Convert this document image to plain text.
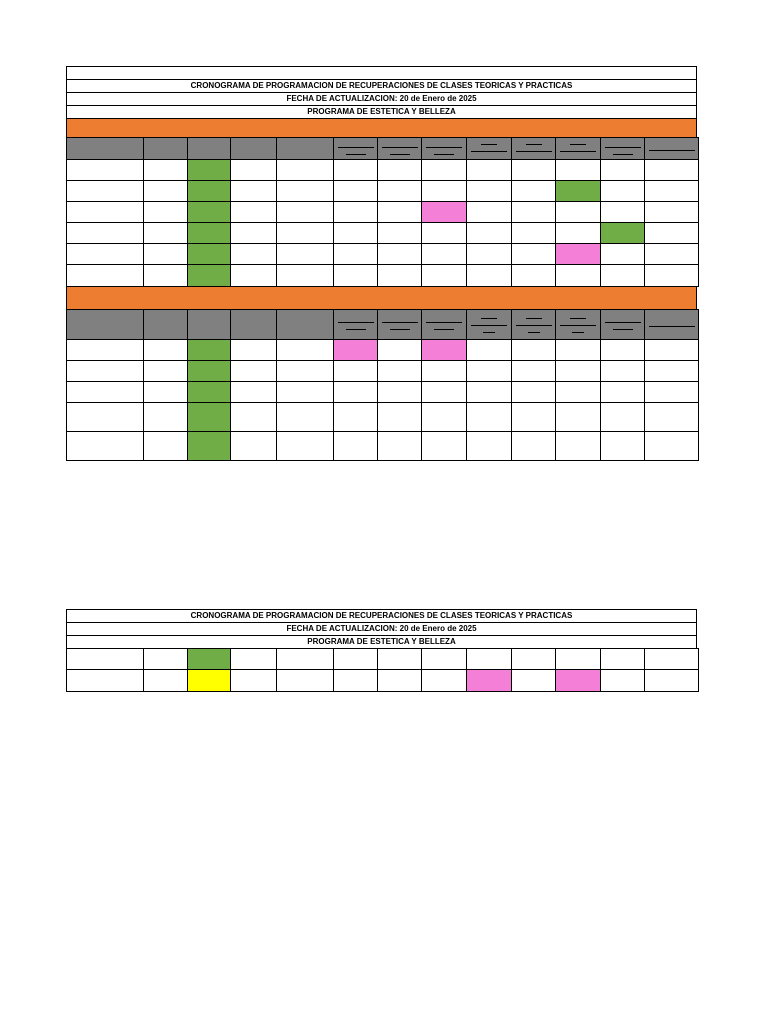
CRONOGRAMA DE PROGRAMACION DE RECUPERACIONES DE CLASES TEORICAS Y PRACTICAS
FECHA DE ACTUALIZACION: 20 de Enero de 2025
PROGRAMA DE ESTETICA Y BELLEZA

CRONOGRAMA DE PROGRAMACION DE RECUPERACIONES DE CLASES TEORICAS Y PRACTICAS
FECHA DE ACTUALIZACION: 20 de Enero de 2025
PROGRAMA DE ESTETICA Y BELLEZA
